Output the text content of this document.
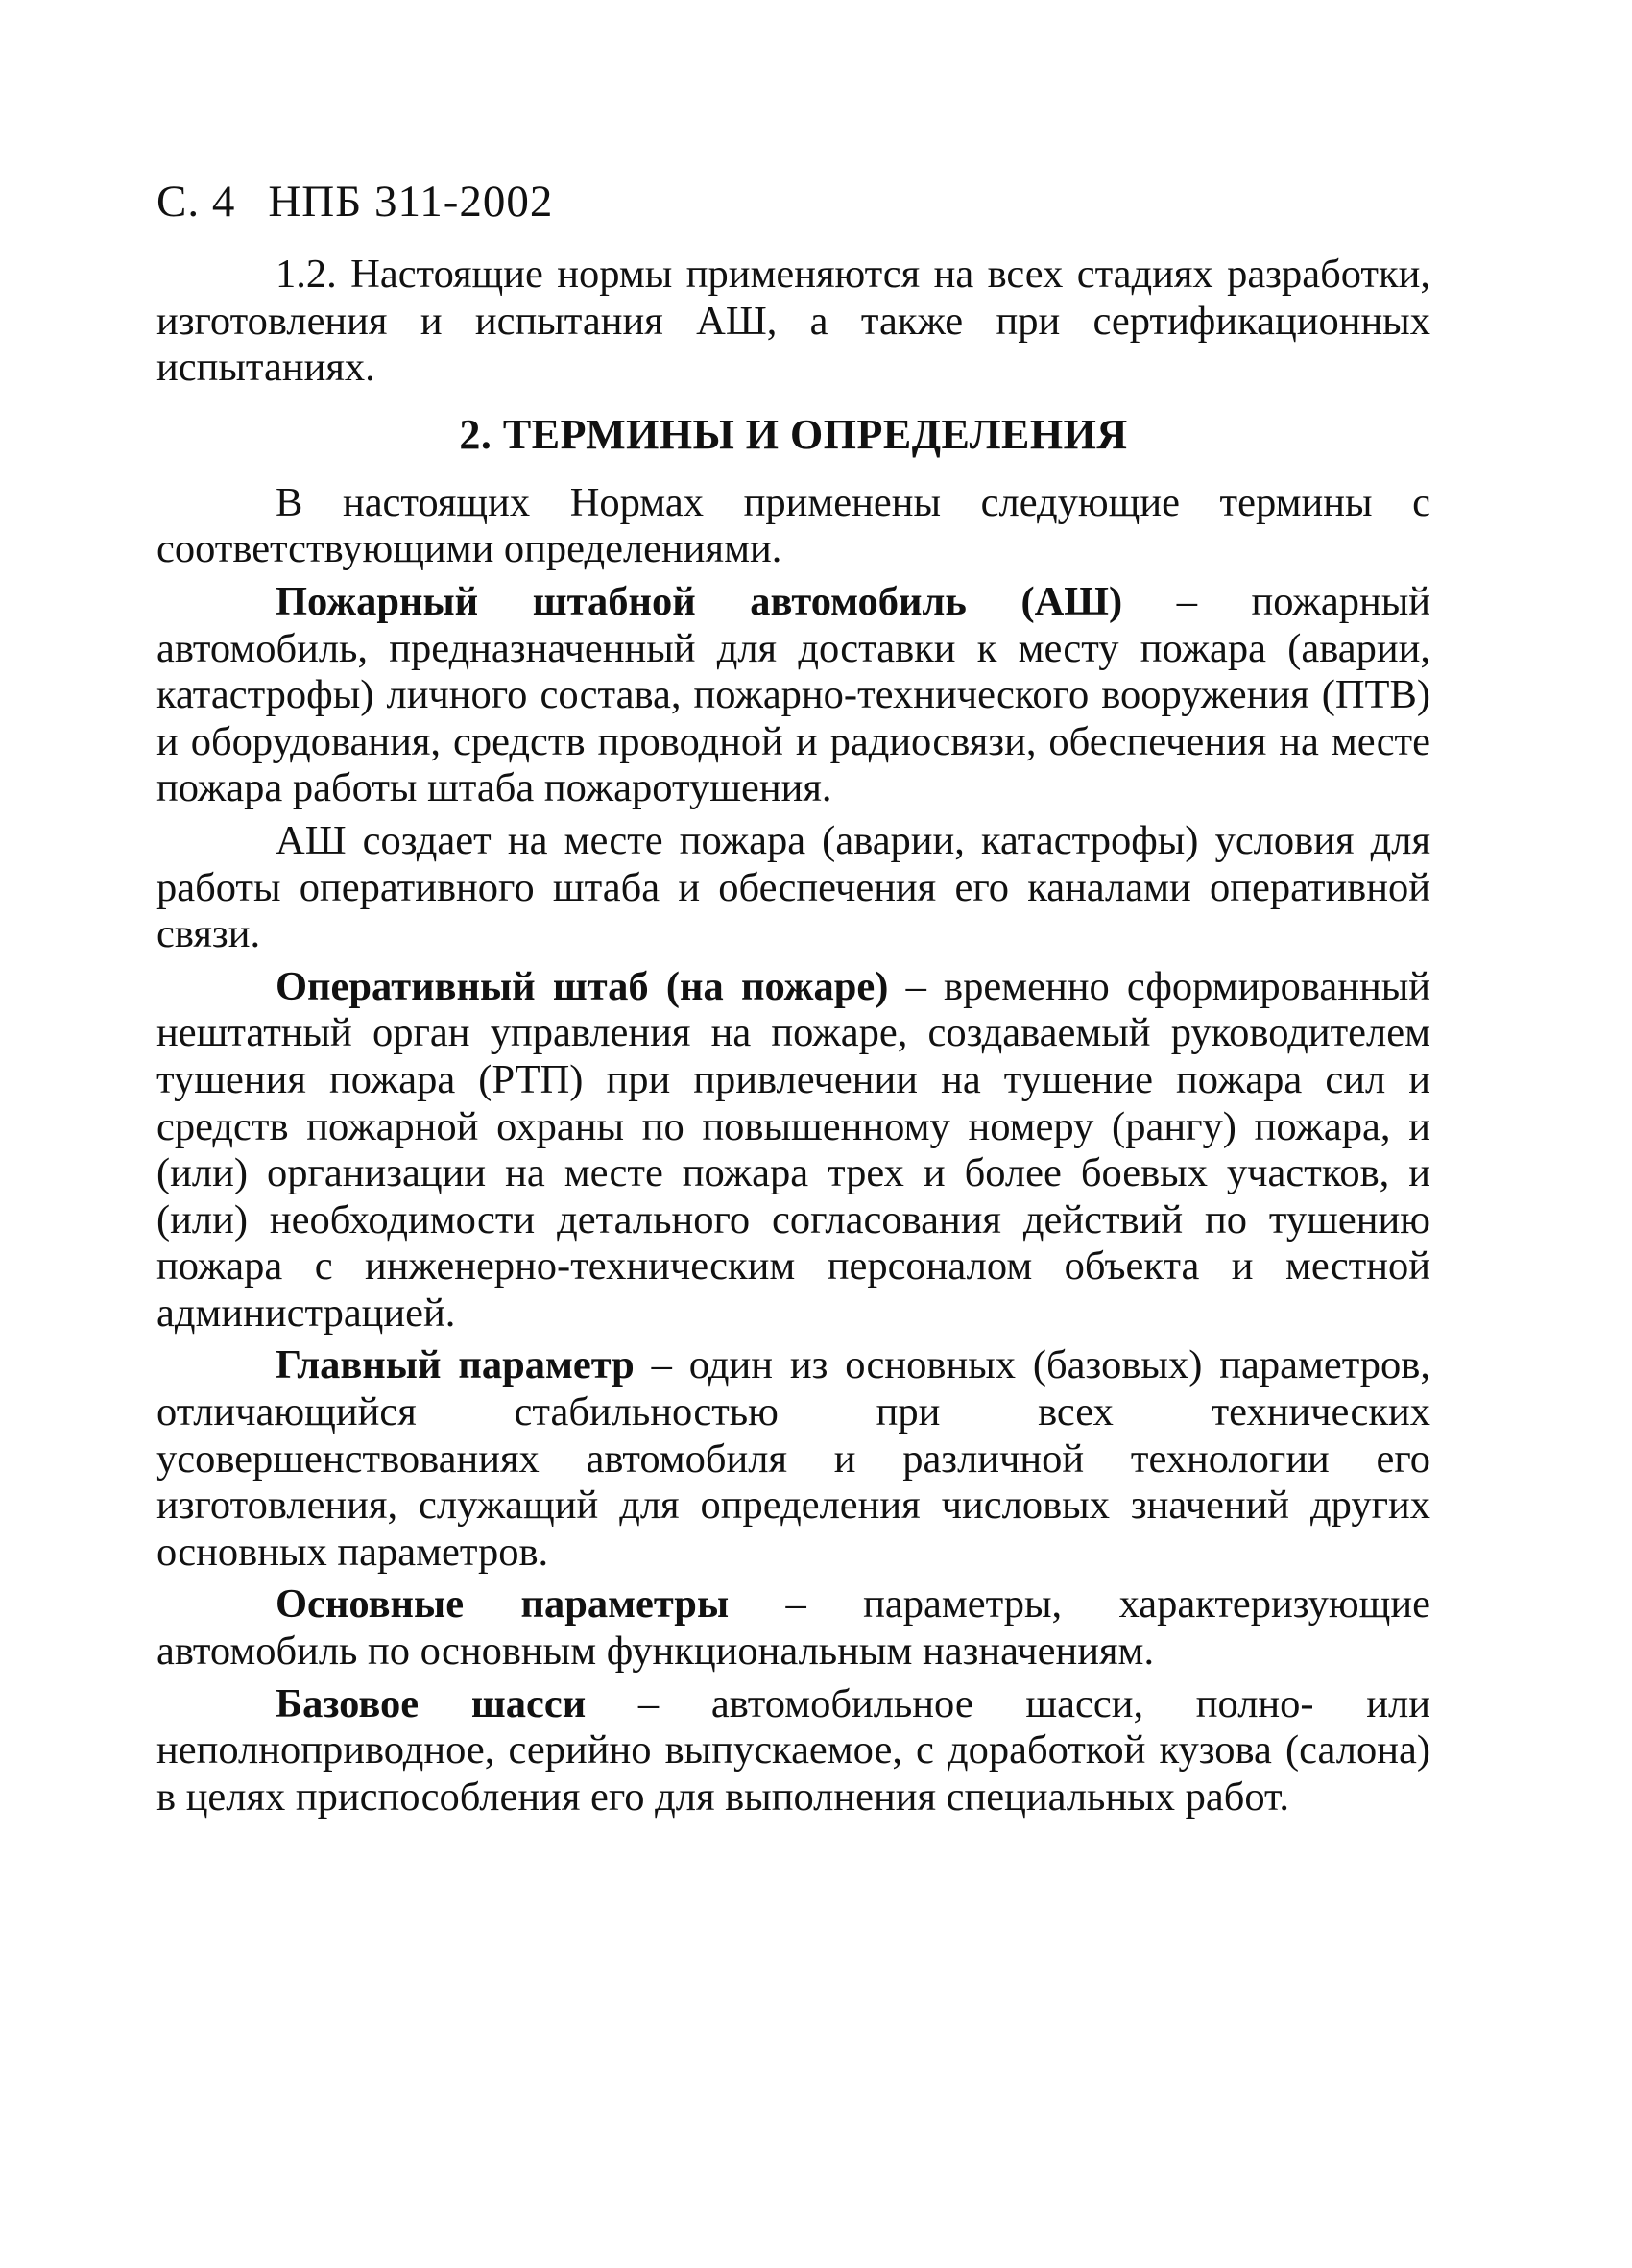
С. 4 НПБ 311-2002

1.2. Настоящие нормы применяются на всех стадиях разработки, изготовления и испытания АШ, а также при сертификационных испытаниях.

2. ТЕРМИНЫ И ОПРЕДЕЛЕНИЯ

В настоящих Нормах применены следующие термины с соответствующими определениями.

Пожарный штабной автомобиль (АШ) – пожарный автомобиль, предназначенный для доставки к месту пожара (аварии, катастрофы) личного состава, пожарно-технического вооружения (ПТВ) и оборудования, средств проводной и радиосвязи, обеспечения на месте пожара работы штаба пожаротушения.

АШ создает на месте пожара (аварии, катастрофы) условия для работы оперативного штаба и обеспечения его каналами оперативной связи.

Оперативный штаб (на пожаре) – временно сформированный нештатный орган управления на пожаре, создаваемый руководителем тушения пожара (РТП) при привлечении на тушение пожара сил и средств пожарной охраны по повышенному номеру (рангу) пожара, и (или) организации на месте пожара трех и более боевых участков, и (или) необходимости детального согласования действий по тушению пожара с инженерно-техническим персоналом объекта и местной администрацией.

Главный параметр – один из основных (базовых) параметров, отличающийся стабильностью при всех технических усовершенствованиях автомобиля и различной технологии его изготовления, служащий для определения числовых значений других основных параметров.

Основные параметры – параметры, характеризующие автомобиль по основным функциональным назначениям.

Базовое шасси – автомобильное шасси, полно- или неполноприводное, серийно выпускаемое, с доработкой кузова (салона) в целях приспособления его для выполнения специальных работ.
